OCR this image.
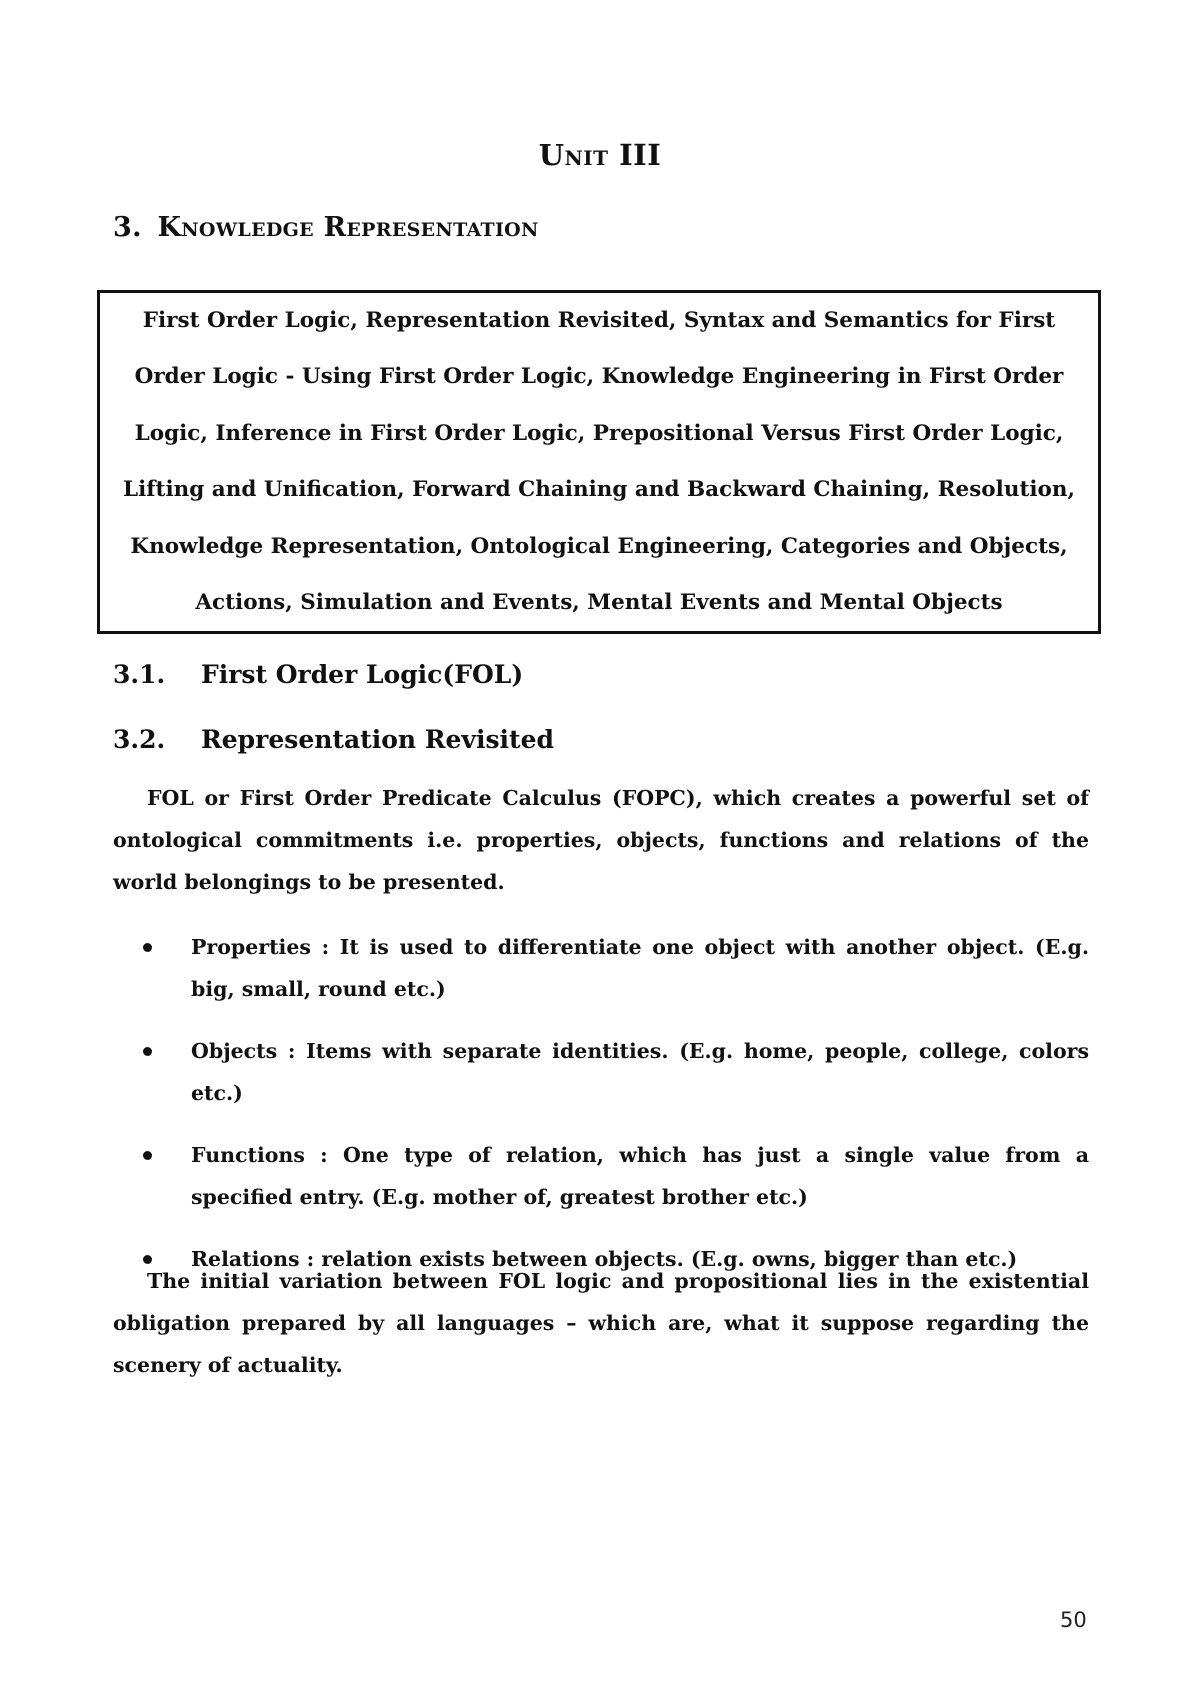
Unit III
3. Knowledge Representation

First Order Logic, Representation Revisited, Syntax and Semantics for First Order Logic - Using First Order Logic, Knowledge Engineering in First Order Logic, Inference in First Order Logic, Prepositional Versus First Order Logic, Lifting and Unification, Forward Chaining and Backward Chaining, Resolution, Knowledge Representation, Ontological Engineering, Categories and Objects, Actions, Simulation and Events, Mental Events and Mental Objects

3.1.	First Order Logic(FOL)
3.2.	Representation Revisited

FOL or First Order Predicate Calculus (FOPC), which creates a powerful set of ontological commitments i.e. properties, objects, functions and relations of the world belongings to be presented.

Properties : It is used to differentiate one object with another object. (E.g. big, small, round etc.)
Objects : Items with separate identities. (E.g. home, people, college, colors etc.)
Functions : One type of relation, which has just a single value from a specified entry. (E.g. mother of, greatest brother etc.)
Relations : relation exists between objects. (E.g. owns, bigger than etc.)

The initial variation between FOL logic and propositional lies in the existential obligation prepared by all languages – which are, what it suppose regarding the scenery of actuality.

50
